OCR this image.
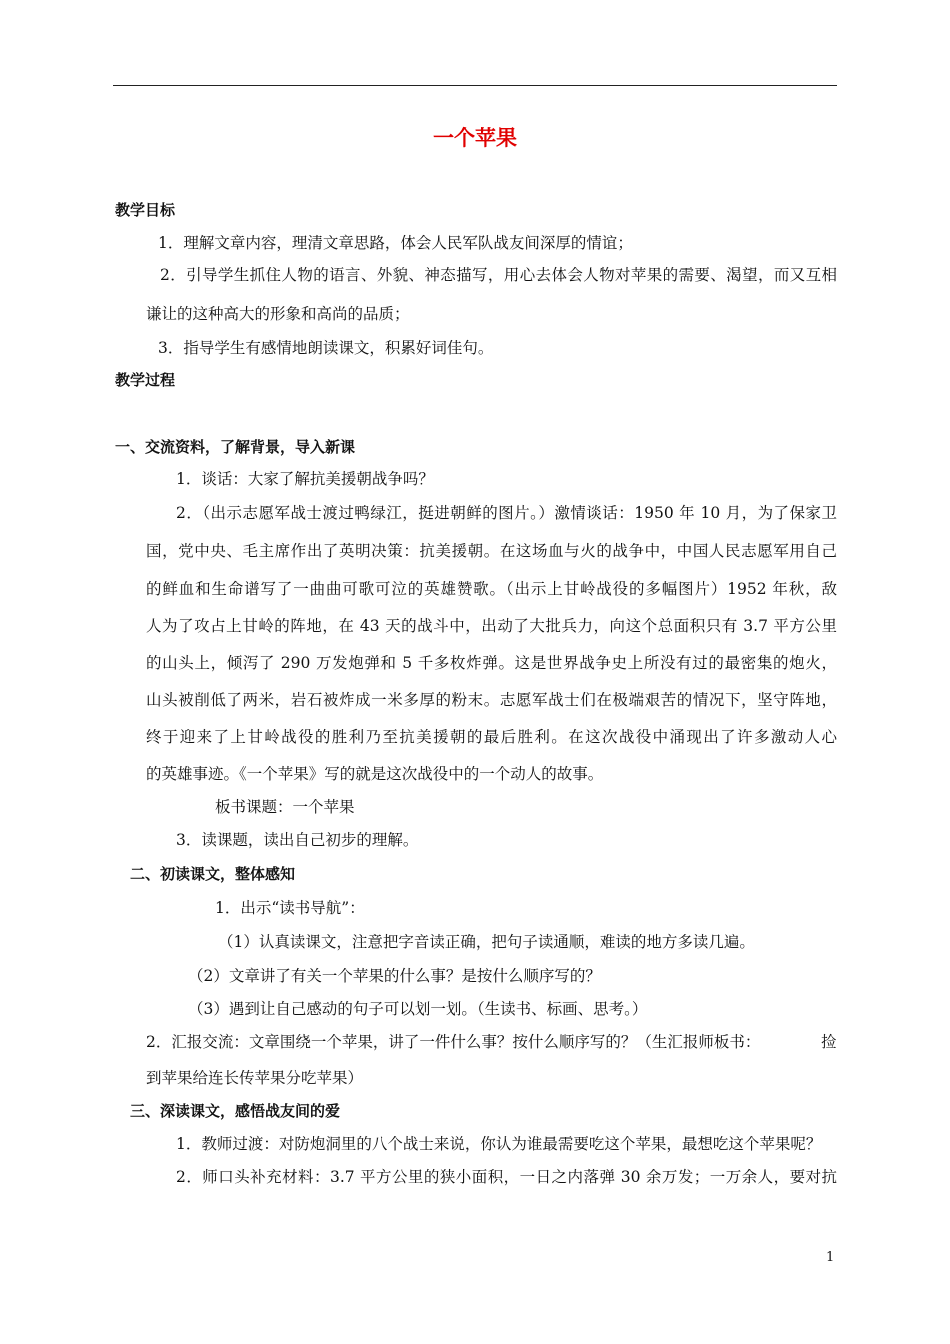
一个苹果
教学目标
1．理解文章内容，理清文章思路，体会人民军队战友间深厚的情谊；
2．引导学生抓住人物的语言、外貌、神态描写，用心去体会人物对苹果的需要、渴望，而又互相
谦让的这种高大的形象和高尚的品质；
3．指导学生有感情地朗读课文，积累好词佳句。
教学过程
一、交流资料，了解背景，导入新课
1．谈话：大家了解抗美援朝战争吗？
2．（出示志愿军战士渡过鸭绿江，挺进朝鲜的图片。）激情谈话：1950 年 10 月，为了保家卫
国，党中央、毛主席作出了英明决策：抗美援朝。在这场血与火的战争中，中国人民志愿军用自己
的鲜血和生命谱写了一曲曲可歌可泣的英雄赞歌。（出示上甘岭战役的多幅图片）1952 年秋，敌
人为了攻占上甘岭的阵地，在 43 天的战斗中，出动了大批兵力，向这个总面积只有 3.7 平方公里
的山头上，倾泻了 290 万发炮弹和 5 千多枚炸弹。这是世界战争史上所没有过的最密集的炮火，
山头被削低了两米，岩石被炸成一米多厚的粉末。志愿军战士们在极端艰苦的情况下，坚守阵地，
终于迎来了上甘岭战役的胜利乃至抗美援朝的最后胜利。在这次战役中涌现出了许多激动人心
的英雄事迹。《一个苹果》写的就是这次战役中的一个动人的故事。
板书课题：一个苹果
3．读课题，读出自己初步的理解。
二、初读课文，整体感知
1．出示“读书导航”：
（1）认真读课文，注意把字音读正确，把句子读通顺，难读的地方多读几遍。
（2）文章讲了有关一个苹果的什么事？是按什么顺序写的？
（3）遇到让自己感动的句子可以划一划。（生读书、标画、思考。）
2．汇报交流：文章围绕一个苹果，讲了一件什么事？按什么顺序写的？（生汇报师板书：	捡
到苹果给连长传苹果分吃苹果）
三、深读课文，感悟战友间的爱
1．教师过渡：对防炮洞里的八个战士来说，你认为谁最需要吃这个苹果，最想吃这个苹果呢？
2．师口头补充材料：3.7 平方公里的狭小面积，一日之内落弹 30 余万发；一万余人，要对抗
1
